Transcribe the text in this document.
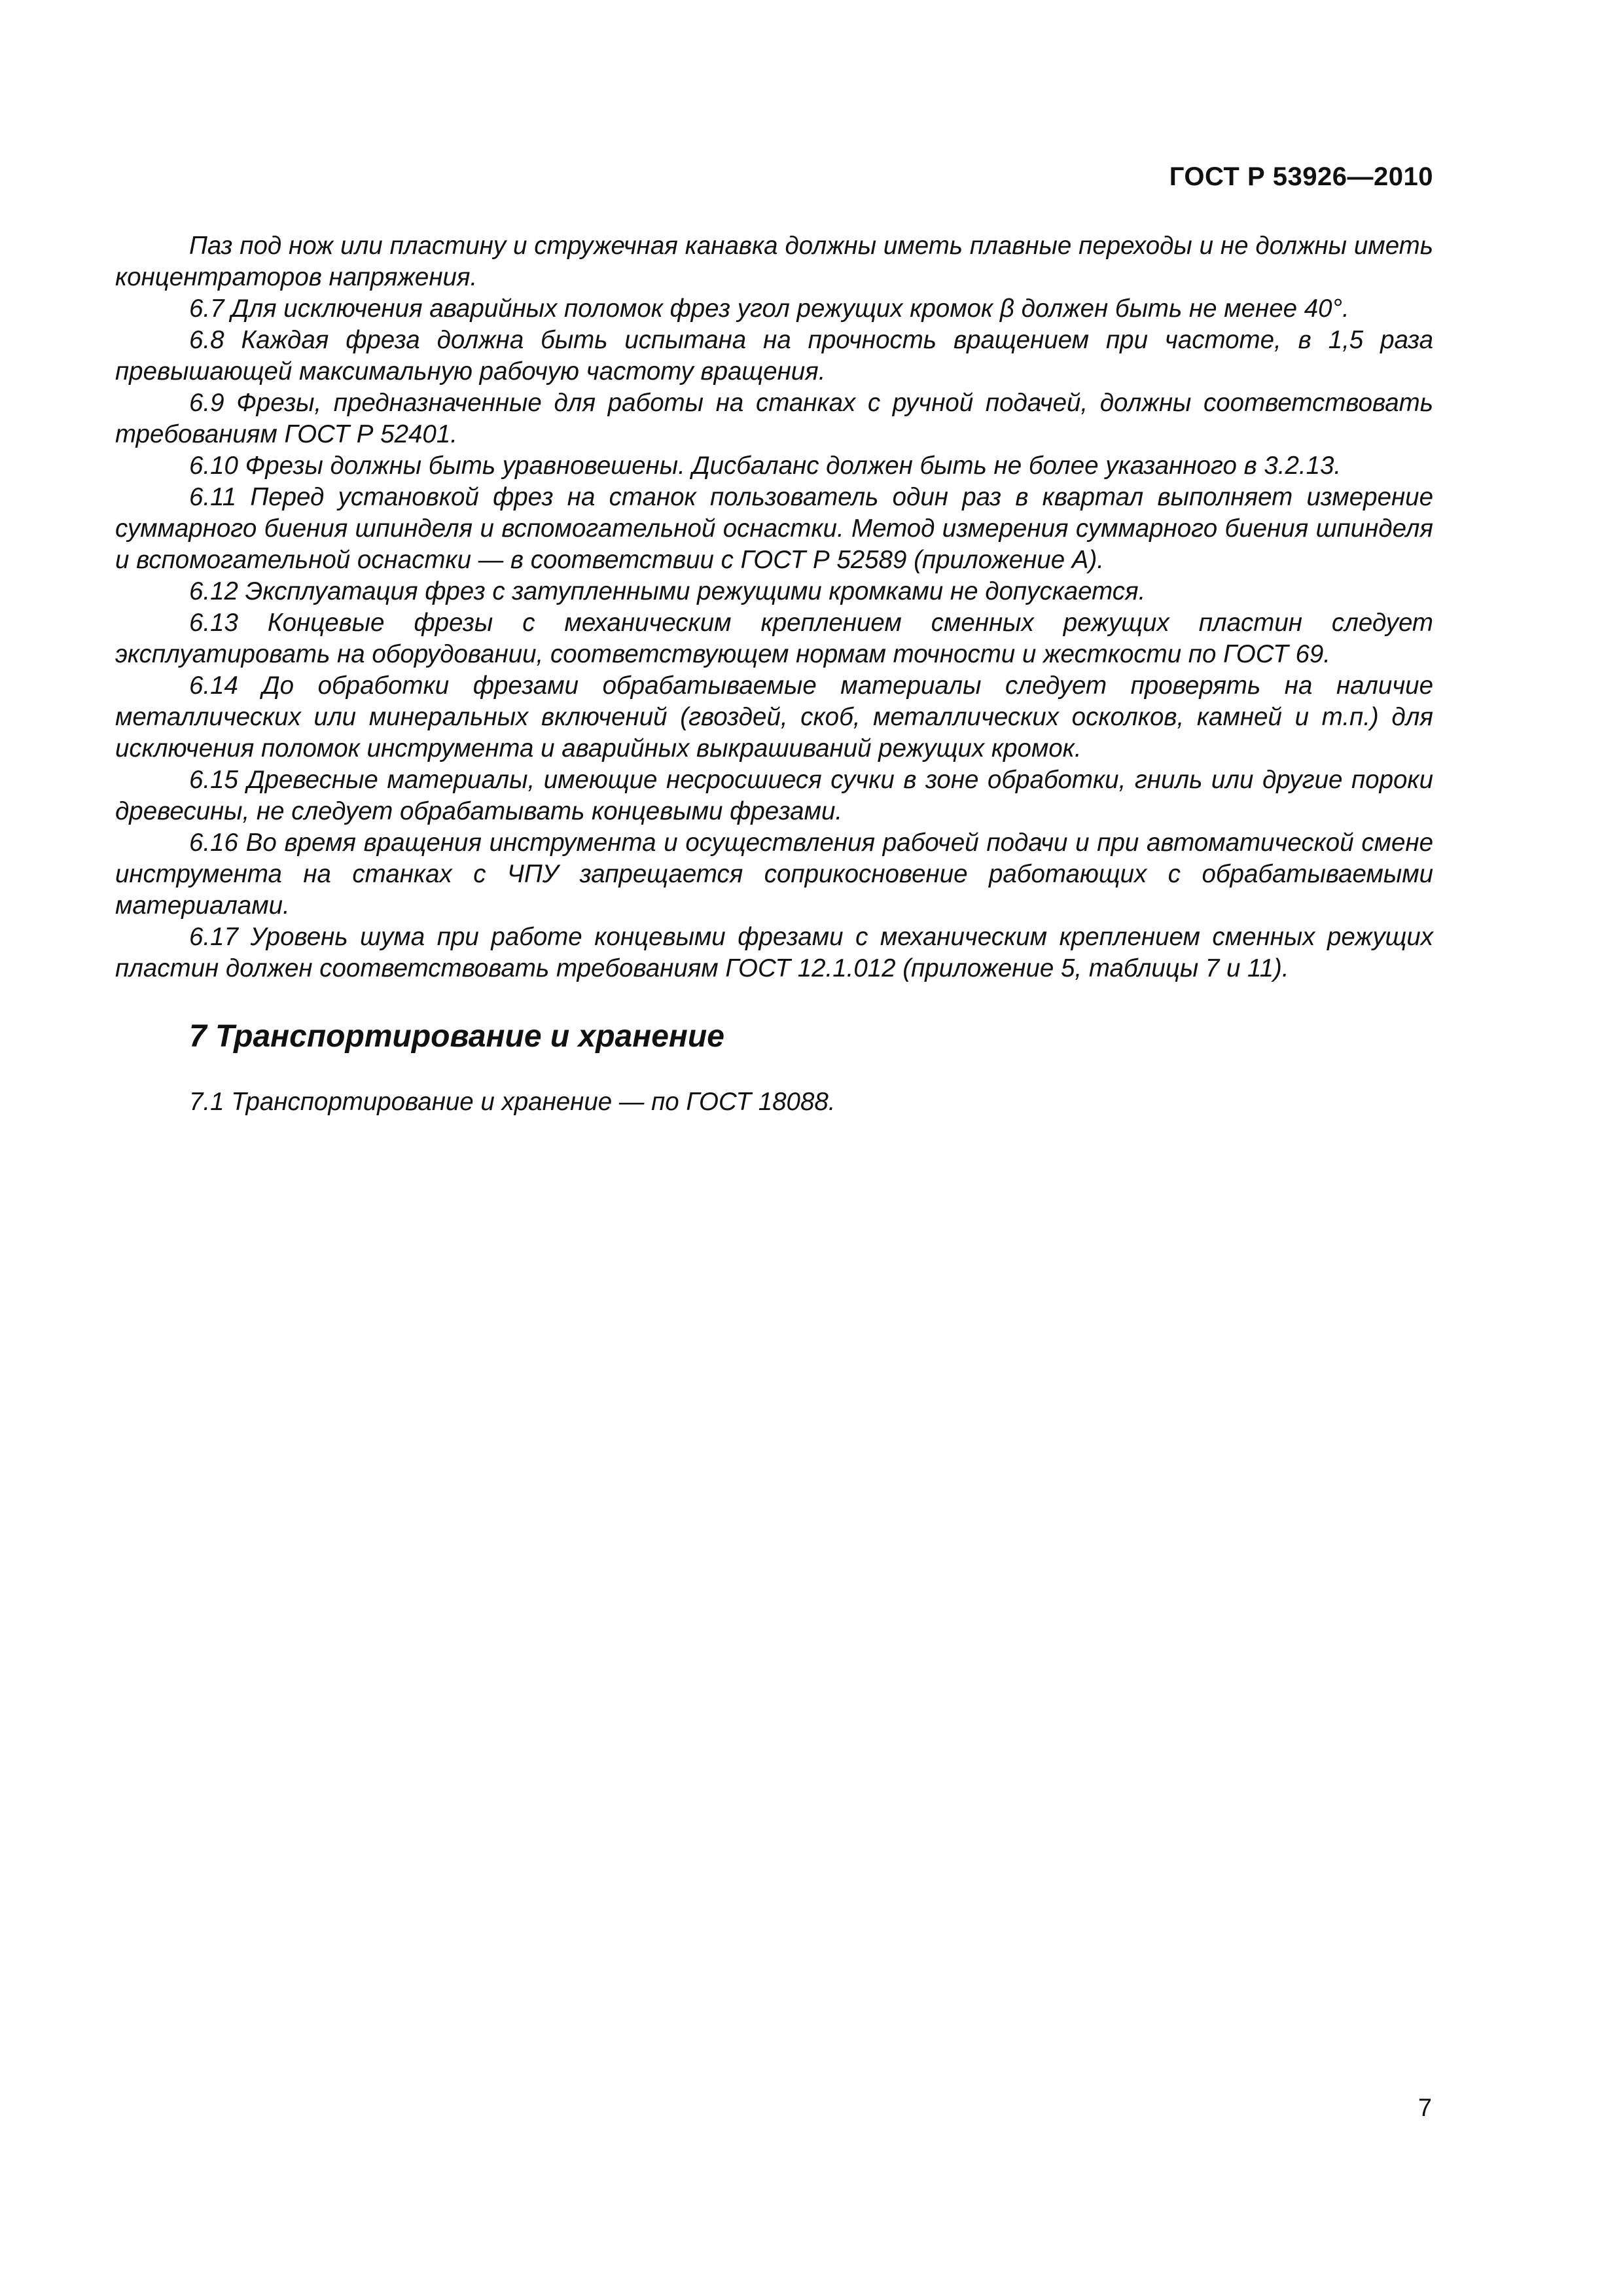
ГОСТ Р 53926—2010

Паз под нож или пластину и стружечная канавка должны иметь плавные переходы и не должны иметь концентраторов напряжения.

6.7 Для исключения аварийных поломок фрез угол режущих кромок β должен быть не менее 40°.

6.8 Каждая фреза должна быть испытана на прочность вращением при частоте, в 1,5 раза превышающей максимальную рабочую частоту вращения.

6.9 Фрезы, предназначенные для работы на станках с ручной подачей, должны соответствовать требованиям ГОСТ Р 52401.

6.10 Фрезы должны быть уравновешены. Дисбаланс должен быть не более указанного в 3.2.13.

6.11 Перед установкой фрез на станок пользователь один раз в квартал выполняет измерение суммарного биения шпинделя и вспомогательной оснастки. Метод измерения суммарного биения шпинделя и вспомогательной оснастки — в соответствии с ГОСТ Р 52589 (приложение А).

6.12 Эксплуатация фрез с затупленными режущими кромками не допускается.

6.13 Концевые фрезы с механическим креплением сменных режущих пластин следует эксплуатировать на оборудовании, соответствующем нормам точности и жесткости по ГОСТ 69.

6.14 До обработки фрезами обрабатываемые материалы следует проверять на наличие металлических или минеральных включений (гвоздей, скоб, металлических осколков, камней и т.п.) для исключения поломок инструмента и аварийных выкрашиваний режущих кромок.

6.15 Древесные материалы, имеющие несросшиеся сучки в зоне обработки, гниль или другие пороки древесины, не следует обрабатывать концевыми фрезами.

6.16 Во время вращения инструмента и осуществления рабочей подачи и при автоматической смене инструмента на станках с ЧПУ запрещается соприкосновение работающих с обрабатываемыми материалами.

6.17 Уровень шума при работе концевыми фрезами с механическим креплением сменных режущих пластин должен соответствовать требованиям ГОСТ 12.1.012 (приложение 5, таблицы 7 и 11).

7 Транспортирование и хранение
7.1 Транспортирование и хранение — по ГОСТ 18088.
7
